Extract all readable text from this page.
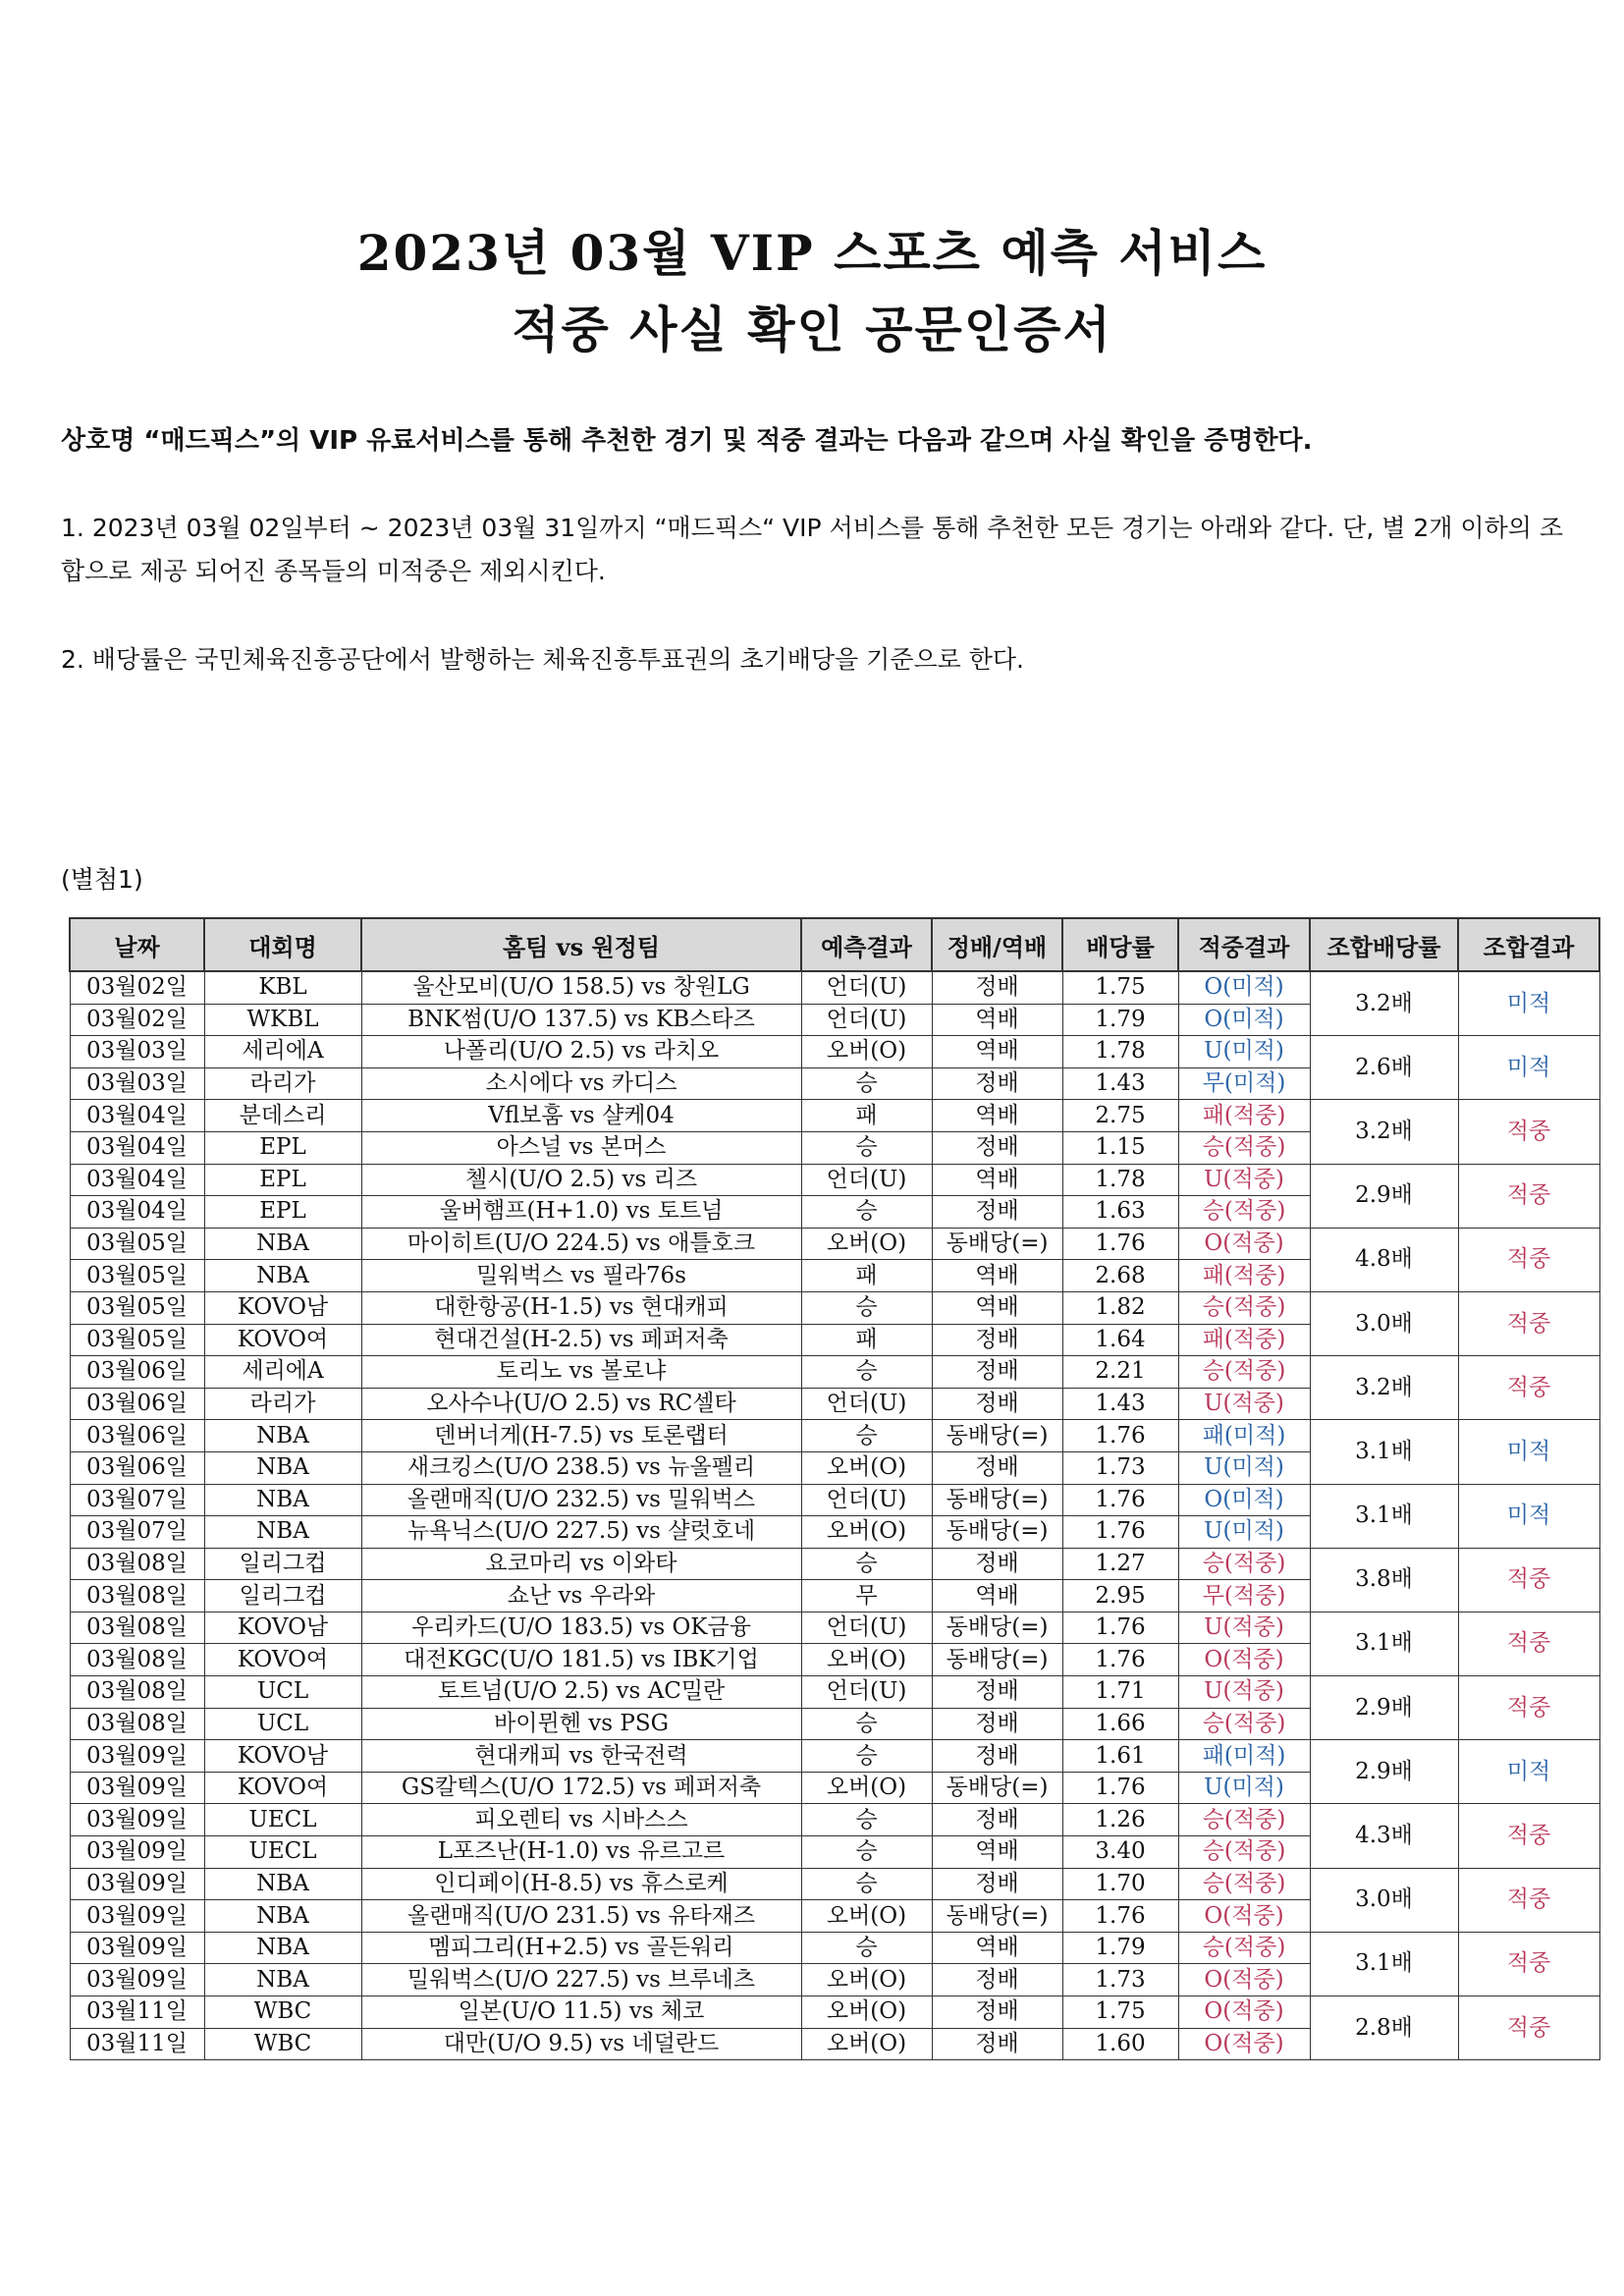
2023년 03월 VIP 스포츠 예측 서비스
적중 사실 확인 공문인증서
상호명 “매드픽스”의 VIP 유료서비스를 통해 추천한 경기 및 적중 결과는 다음과 같으며 사실 확인을 증명한다.
1. 2023년 03월 02일부터 ~ 2023년 03월 31일까지 “매드픽스“ VIP 서비스를 통해 추천한 모든 경기는 아래와 같다. 단, 별 2개 이하의 조합으로 제공 되어진 종목들의 미적중은 제외시킨다.
2. 배당률은 국민체육진흥공단에서 발행하는 체육진흥투표권의 초기배당을 기준으로 한다.
(별첨1)
날짜	대회명	홈팀 vs 원정팀	예측결과	정배/역배	배당률	적중결과	조합배당률	조합결과
03월02일	KBL	울산모비(U/O 158.5) vs 창원LG	언더(U)	정배	1.75	O(미적)	3.2배	미적
03월02일	WKBL	BNK썸(U/O 137.5) vs KB스타즈	언더(U)	역배	1.79	O(미적)		
03월03일	세리에A	나폴리(U/O 2.5) vs 라치오	오버(O)	역배	1.78	U(미적)	2.6배	미적
03월03일	라리가	소시에다 vs 카디스	승	정배	1.43	무(미적)		
03월04일	분데스리	Vfl보훔 vs 샬케04	패	역배	2.75	패(적중)	3.2배	적중
03월04일	EPL	아스널 vs 본머스	승	정배	1.15	승(적중)		
03월04일	EPL	첼시(U/O 2.5) vs 리즈	언더(U)	역배	1.78	U(적중)	2.9배	적중
03월04일	EPL	울버햄프(H+1.0) vs 토트넘	승	정배	1.63	승(적중)		
03월05일	NBA	마이히트(U/O 224.5) vs 애틀호크	오버(O)	동배당(=)	1.76	O(적중)	4.8배	적중
03월05일	NBA	밀워벅스 vs 필라76s	패	역배	2.68	패(적중)		
03월05일	KOVO남	대한항공(H-1.5) vs 현대캐피	승	역배	1.82	승(적중)	3.0배	적중
03월05일	KOVO여	현대건설(H-2.5) vs 페퍼저축	패	정배	1.64	패(적중)		
03월06일	세리에A	토리노 vs 볼로냐	승	정배	2.21	승(적중)	3.2배	적중
03월06일	라리가	오사수나(U/O 2.5) vs RC셀타	언더(U)	정배	1.43	U(적중)		
03월06일	NBA	덴버너게(H-7.5) vs 토론랩터	승	동배당(=)	1.76	패(미적)	3.1배	미적
03월06일	NBA	새크킹스(U/O 238.5) vs 뉴올펠리	오버(O)	정배	1.73	U(미적)		
03월07일	NBA	올랜매직(U/O 232.5) vs 밀워벅스	언더(U)	동배당(=)	1.76	O(미적)	3.1배	미적
03월07일	NBA	뉴욕닉스(U/O 227.5) vs 샬럿호네	오버(O)	동배당(=)	1.76	U(미적)		
03월08일	일리그컵	요코마리 vs 이와타	승	정배	1.27	승(적중)	3.8배	적중
03월08일	일리그컵	쇼난 vs 우라와	무	역배	2.95	무(적중)		
03월08일	KOVO남	우리카드(U/O 183.5) vs OK금융	언더(U)	동배당(=)	1.76	U(적중)	3.1배	적중
03월08일	KOVO여	대전KGC(U/O 181.5) vs IBK기업	오버(O)	동배당(=)	1.76	O(적중)		
03월08일	UCL	토트넘(U/O 2.5) vs AC밀란	언더(U)	정배	1.71	U(적중)	2.9배	적중
03월08일	UCL	바이뮌헨 vs PSG	승	정배	1.66	승(적중)		
03월09일	KOVO남	현대캐피 vs 한국전력	승	정배	1.61	패(미적)	2.9배	미적
03월09일	KOVO여	GS칼텍스(U/O 172.5) vs 페퍼저축	오버(O)	동배당(=)	1.76	U(미적)		
03월09일	UECL	피오렌티 vs 시바스스	승	정배	1.26	승(적중)	4.3배	적중
03월09일	UECL	L포즈난(H-1.0) vs 유르고르	승	역배	3.40	승(적중)		
03월09일	NBA	인디페이(H-8.5) vs 휴스로케	승	정배	1.70	승(적중)	3.0배	적중
03월09일	NBA	올랜매직(U/O 231.5) vs 유타재즈	오버(O)	동배당(=)	1.76	O(적중)		
03월09일	NBA	멤피그리(H+2.5) vs 골든워리	승	역배	1.79	승(적중)	3.1배	적중
03월09일	NBA	밀워벅스(U/O 227.5) vs 브루네츠	오버(O)	정배	1.73	O(적중)		
03월11일	WBC	일본(U/O 11.5) vs 체코	오버(O)	정배	1.75	O(적중)	2.8배	적중
03월11일	WBC	대만(U/O 9.5) vs 네덜란드	오버(O)	정배	1.60	O(적중)		
